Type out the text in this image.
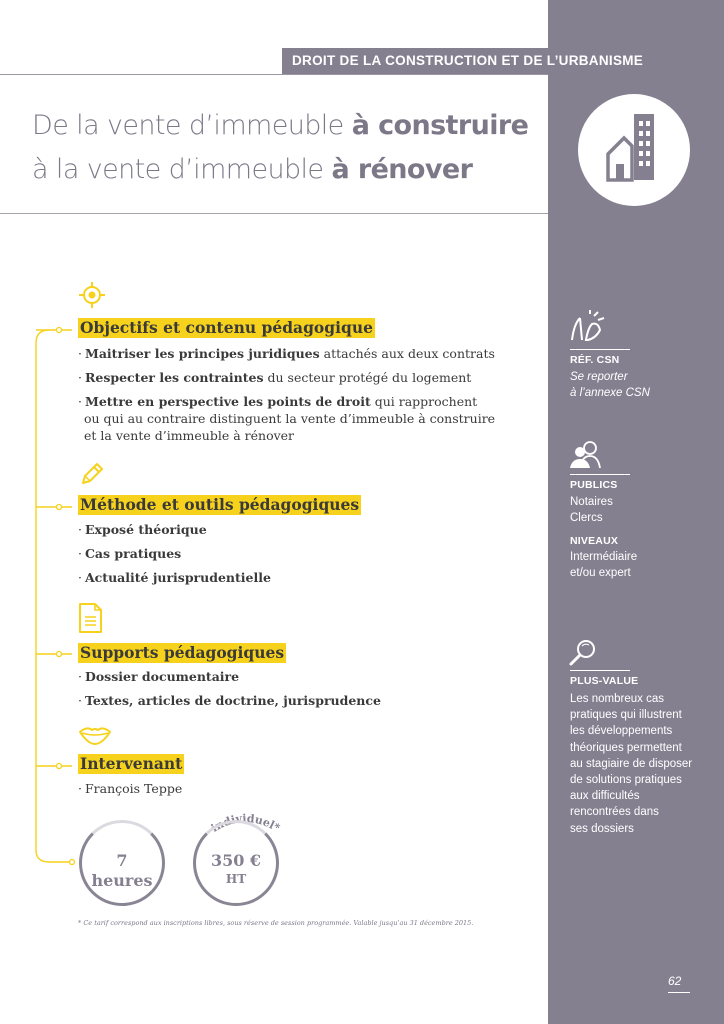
DROIT DE LA CONSTRUCTION ET DE L’URBANISME
De la vente d’immeuble à construire
à la vente d’immeuble à rénover
Objectifs et contenu pédagogique
· Maitriser les principes juridiques attachés aux deux contrats
· Respecter les contraintes du secteur protégé du logement
· Mettre en perspective les points de droit qui rapprochent
ou qui au contraire distinguent la vente d’immeuble à construire
et la vente d’immeuble à rénover
Méthode et outils pédagogiques
· Exposé théorique
· Cas pratiques
· Actualité jurisprudentielle
Supports pédagogiques
· Dossier documentaire
· Textes, articles de doctrine, jurisprudence
Intervenant
· François Teppe
7
heures
individuel*
350 €
HT
* Ce tarif correspond aux inscriptions libres, sous réserve de session programmée. Valable jusqu’au 31 décembre 2015.
RÉF. CSN
Se reporter
à l’annexe CSN
PUBLICS
Notaires
Clercs
NIVEAUX
Intermédiaire
et/ou expert
PLUS-VALUE
Les nombreux cas
pratiques qui illustrent
les développements
théoriques permettent
au stagiaire de disposer
de solutions pratiques
aux difficultés
rencontrées dans
ses dossiers
62
